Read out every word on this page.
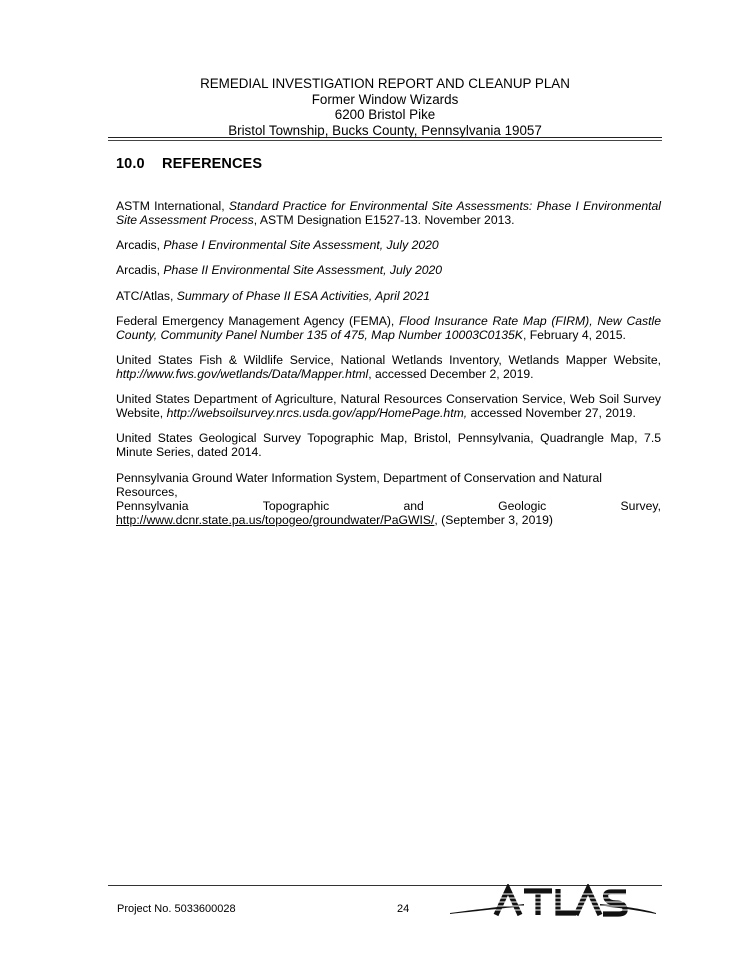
REMEDIAL INVESTIGATION REPORT AND CLEANUP PLAN
Former Window Wizards
6200 Bristol Pike
Bristol Township, Bucks County, Pennsylvania 19057
10.0 REFERENCES

ASTM International, Standard Practice for Environmental Site Assessments: Phase I Environmental Site Assessment Process, ASTM Designation E1527-13. November 2013.

Arcadis, Phase I Environmental Site Assessment, July 2020

Arcadis, Phase II Environmental Site Assessment, July 2020

ATC/Atlas, Summary of Phase II ESA Activities, April 2021

Federal Emergency Management Agency (FEMA), Flood Insurance Rate Map (FIRM), New Castle County, Community Panel Number 135 of 475, Map Number 10003C0135K, February 4, 2015.

United States Fish & Wildlife Service, National Wetlands Inventory, Wetlands Mapper Website, http://www.fws.gov/wetlands/Data/Mapper.html, accessed December 2, 2019.

United States Department of Agriculture, Natural Resources Conservation Service, Web Soil Survey Website, http://websoilsurvey.nrcs.usda.gov/app/HomePage.htm, accessed November 27, 2019.

United States Geological Survey Topographic Map, Bristol, Pennsylvania, Quadrangle Map, 7.5 Minute Series, dated 2014.

Pennsylvania Ground Water Information System, Department of Conservation and Natural Resources,
Pennsylvania	Topographic	and	Geologic	Survey,
http://www.dcnr.state.pa.us/topogeo/groundwater/PaGWIS/, (September 3, 2019)
Project No. 5033600028	24
